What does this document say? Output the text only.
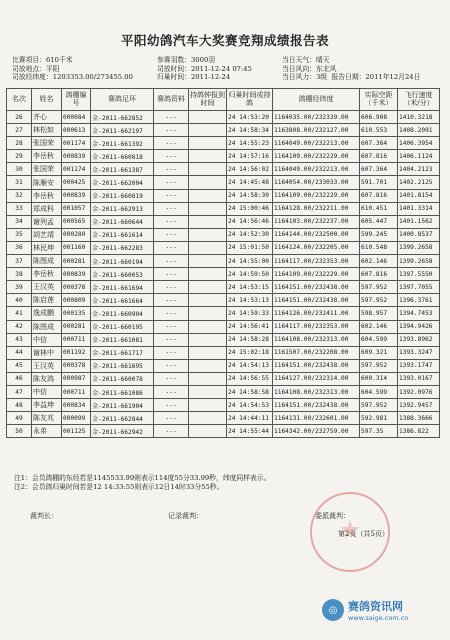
平阳幼鸽汽车大奖赛竞翔成绩报告表
比赛项目：610千米	参赛羽数：3000羽	当日天气：晴天
司放地点：平阳	司放时间：2011-12-24 07:45	当日风向：东北风
司放经纬度：1203353.00/273455.00	归巢时间：2011-12-24	当日风力：3级 报告日期：2011年12月24日
名次	姓名	鸽棚编号	赛鸽足环	赛鸽资料	持鸽钟报到时间	归巢时间或持鸽	鸽棚经纬度	实际空距（千米）	飞行速度（米/分）
26	齐心	000084	金-2011-662852	---		24 14:53:20	1164035.00/232339.00	606.908	1410.3218
27	林松如	000613	金-2011-662197	---		24 14:58:34	1163808.00/232127.00	610.553	1408.2091
28	张国荣	001174	金-2011-661392	---		24 14:55:23	1164049.00/232213.00	607.364	1406.3954
29	李岳秋	000839	金-2011-660818	---		24 14:57:16	1164109.00/232229.00	607.816	1406.1124
30	张国荣	001174	金-2011-661387	---		24 14:56:02	1164049.00/232213.00	607.364	1404.2123
31	陈雁安	000425	金-2011-662004	---		24 14:45:48	1164054.00/233033.00	591.701	1402.2125
32	李岳秋	000839	金-2011-660819	---		24 14:58:30	1164109.00/232229.00	607.816	1401.8154
33	郑成科	001057	金-2011-662913	---		24 15:00:46	1164128.00/232211.00	610.451	1401.3314
34	谢列孟	000565	金-2011-660644	---		24 14:56:46	1164103.00/232237.00	605.447	1401.1562
35	胡艺靖	000280	金-2011-661614	---		24 14:52:30	1164144.00/232500.00	599.245	1400.8537
36	林民坤	001160	金-2011-662283	---		24 15:01:50	1164124.00/232205.00	610.548	1399.2658
37	陈图成	000281	金-2011-660194	---		24 14:55:00	1164117.00/232353.00	602.146	1399.2658
38	李岳秋	000839	金-2011-660053	---		24 14:59:50	1164109.00/232229.00	607.816	1397.5550
39	王汉英	000378	金-2011-661694	---		24 14:53:15	1164151.00/232438.00	597.952	1397.7055
40	陈启莲	000809	金-2011-661664	---		24 14:53:13	1164151.00/232438.00	597.952	1396.3761
41	逸成鹏	000135	金-2011-660904	---		24 14:59:33	1164126.00/232411.00	598.957	1394.7453
42	陈图成	000281	金-2011-660195	---		24 14:56:41	1164117.00/232353.00	602.146	1394.9426
43	中信	000711	金-2011-661081	---		24 14:58:28	1164108.00/232313.00	604.599	1393.8962
44	谢林中	001192	金-2011-661717	---		24 15:02:18	1161507.00/232208.00	609.321	1393.3247
45	王汉英	000378	金-2011-661695	---		24 14:54:13	1164151.00/232438.00	597.952	1393.1747
46	陈友鸿	000987	金-2011-660078	---		24 14:56:55	1164127.00/232314.00	600.314	1393.0167
47	中信	000711	金-2011-661086	---		24 14:58:58	1164108.00/232313.00	604.599	1392.0976
48	李益坤	000834	金-2011-661904	---		24 14:54:53	1164151.00/232438.00	597.952	1392.9457
49	陈友兆	000099	金-2011-662844	---		24 14:44:11	1164131.00/232601.00	592.981	1388.3666
50	永弟	001125	金-2011-662942	---		24 14:55:44	1164342.00/232759.00	597.35	1386.822
注1：会员鸽棚的东经若是1145533.99则表示114度55分33.99秒，纬度同样表示。
注2：会员鸽归巢时间若是12 14:33:55则表示12日14时33分55秒。
裁判长：	记录裁判：	委派裁判：
第2页（共5页）
◎ 赛鸽资讯网
www.saige.com.cn
